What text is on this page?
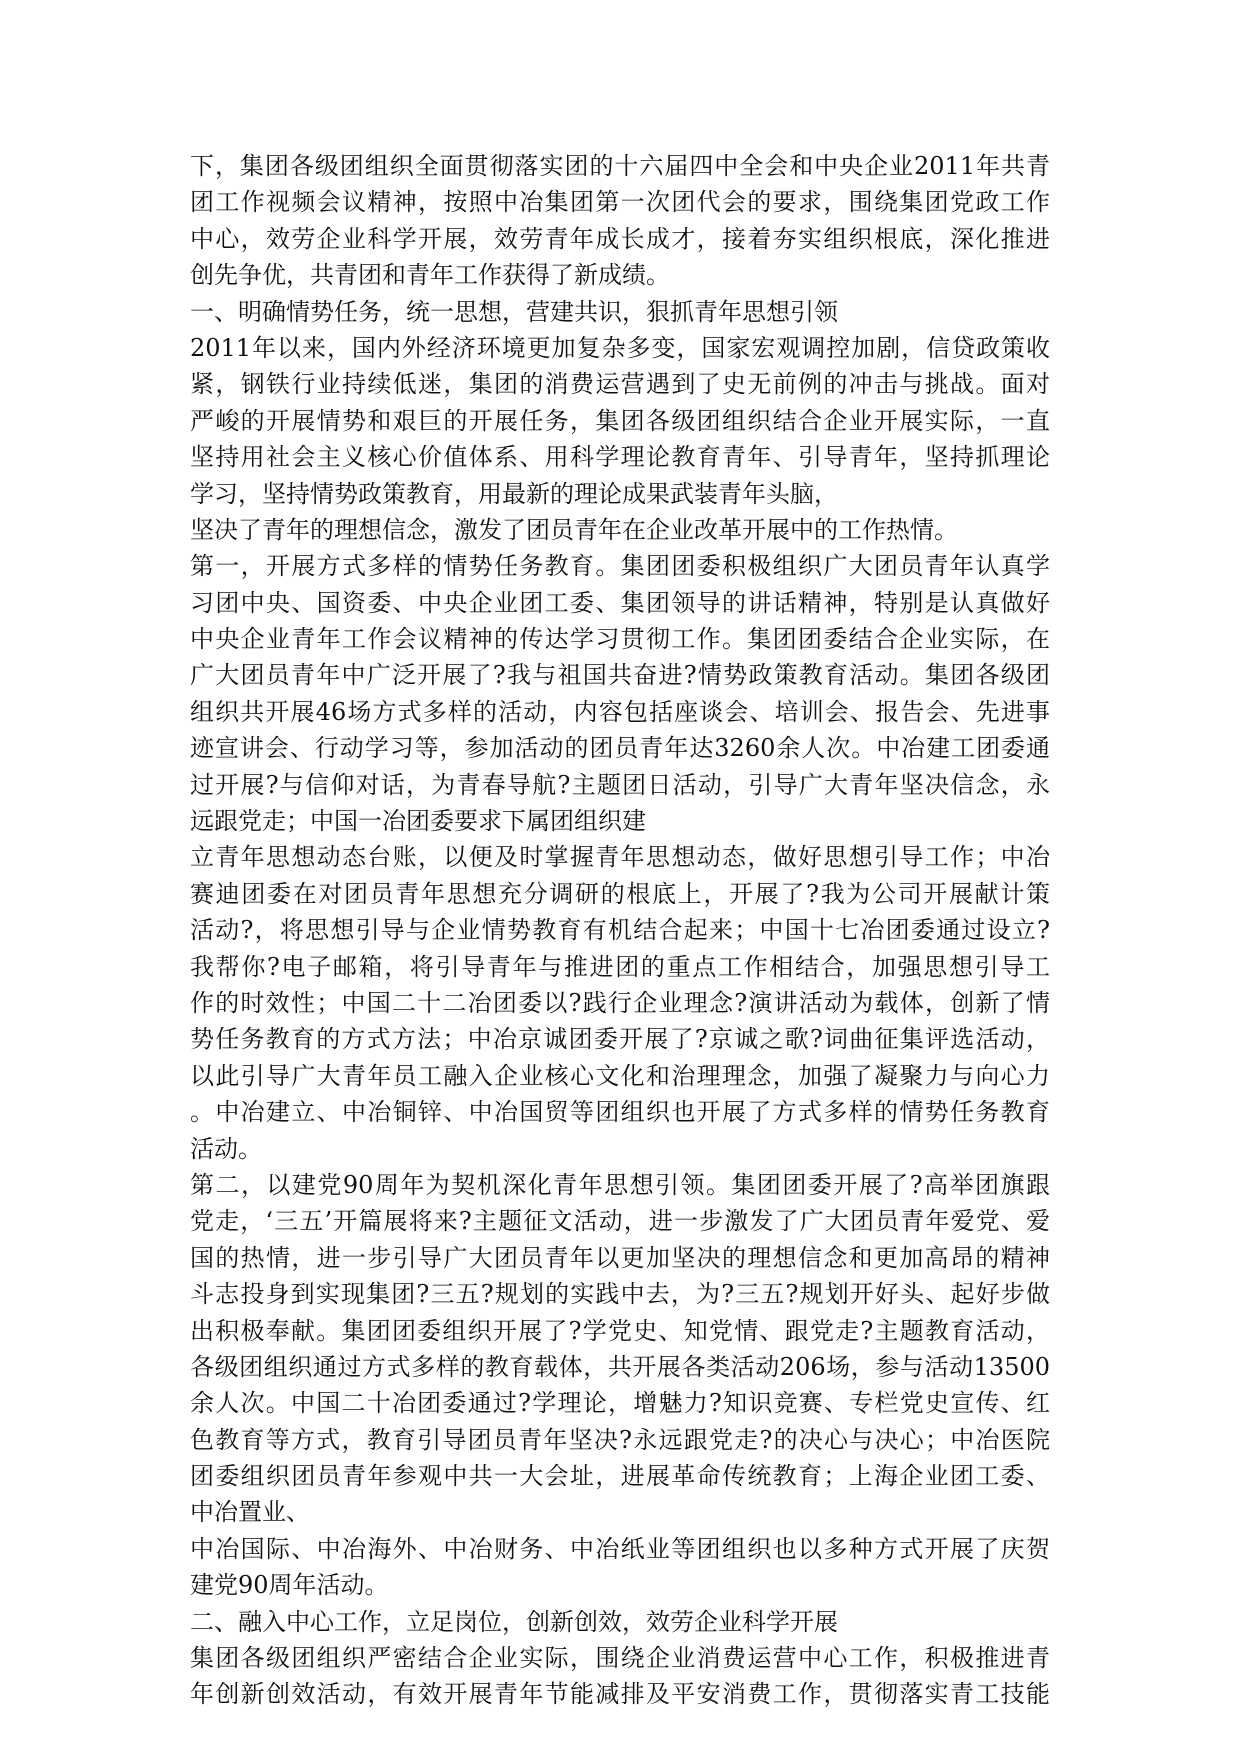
下，集团各级团组织全面贯彻落实团的十六届四中全会和中央企业2011年共青
团工作视频会议精神，按照中冶集团第一次团代会的要求，围绕集团党政工作
中心，效劳企业科学开展，效劳青年成长成才，接着夯实组织根底，深化推进
创先争优，共青团和青年工作获得了新成绩。
一、明确情势任务，统一思想，营建共识，狠抓青年思想引领
2011年以来，国内外经济环境更加复杂多变，国家宏观调控加剧，信贷政策收
紧，钢铁行业持续低迷，集团的消费运营遇到了史无前例的冲击与挑战。面对
严峻的开展情势和艰巨的开展任务，集团各级团组织结合企业开展实际，一直
坚持用社会主义核心价值体系、用科学理论教育青年、引导青年，坚持抓理论
学习，坚持情势政策教育，用最新的理论成果武装青年头脑，
坚决了青年的理想信念，激发了团员青年在企业改革开展中的工作热情。
第一，开展方式多样的情势任务教育。集团团委积极组织广大团员青年认真学
习团中央、国资委、中央企业团工委、集团领导的讲话精神，特别是认真做好
中央企业青年工作会议精神的传达学习贯彻工作。集团团委结合企业实际，在
广大团员青年中广泛开展了?我与祖国共奋进?情势政策教育活动。集团各级团
组织共开展46场方式多样的活动，内容包括座谈会、培训会、报告会、先进事
迹宣讲会、行动学习等，参加活动的团员青年达3260余人次。中冶建工团委通
过开展?与信仰对话，为青春导航?主题团日活动，引导广大青年坚决信念，永
远跟党走；中国一冶团委要求下属团组织建
立青年思想动态台账，以便及时掌握青年思想动态，做好思想引导工作；中冶
赛迪团委在对团员青年思想充分调研的根底上，开展了?我为公司开展献计策
活动?，将思想引导与企业情势教育有机结合起来；中国十七冶团委通过设立?
我帮你?电子邮箱，将引导青年与推进团的重点工作相结合，加强思想引导工
作的时效性；中国二十二冶团委以?践行企业理念?演讲活动为载体，创新了情
势任务教育的方式方法；中冶京诚团委开展了?京诚之歌?词曲征集评选活动，
以此引导广大青年员工融入企业核心文化和治理理念，加强了凝聚力与向心力
。中冶建立、中冶铜锌、中冶国贸等团组织也开展了方式多样的情势任务教育
活动。
第二，以建党90周年为契机深化青年思想引领。集团团委开展了?高举团旗跟
党走，‘三五’开篇展将来?主题征文活动，进一步激发了广大团员青年爱党、爱
国的热情，进一步引导广大团员青年以更加坚决的理想信念和更加高昂的精神
斗志投身到实现集团?三五?规划的实践中去，为?三五?规划开好头、起好步做
出积极奉献。集团团委组织开展了?学党史、知党情、跟党走?主题教育活动，
各级团组织通过方式多样的教育载体，共开展各类活动206场，参与活动13500
余人次。中国二十冶团委通过?学理论，增魅力?知识竞赛、专栏党史宣传、红
色教育等方式，教育引导团员青年坚决?永远跟党走?的决心与决心；中冶医院
团委组织团员青年参观中共一大会址，进展革命传统教育；上海企业团工委、
中冶置业、
中冶国际、中冶海外、中冶财务、中冶纸业等团组织也以多种方式开展了庆贺
建党90周年活动。
二、融入中心工作，立足岗位，创新创效，效劳企业科学开展
集团各级团组织严密结合企业实际，围绕企业消费运营中心工作，积极推进青
年创新创效活动，有效开展青年节能减排及平安消费工作，贯彻落实青工技能
